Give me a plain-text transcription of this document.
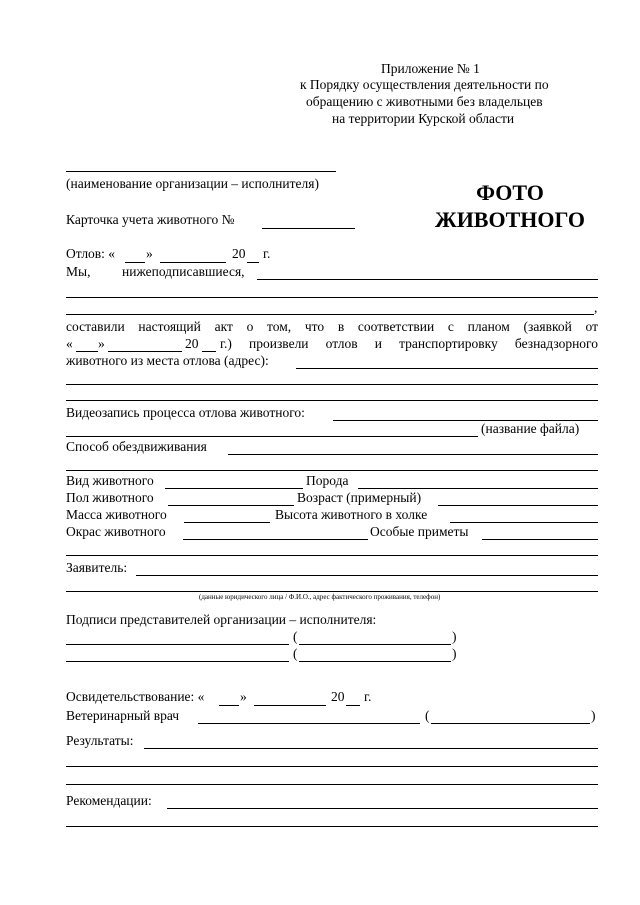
Приложение № 1
к Порядку осуществления деятельности по
обращению с животными без владельцев
на территории Курской области
(наименование организации – исполнителя)	ФОТО
ЖИВОТНОГО
Карточка учета животного №
Отлов: « »	20 г.
Мы, нижеподписавшиеся,
,
составили настоящий акт о том, что в соответствии с планом (заявкой от
« »	20 г.) произвели отлов и транспортировку безнадзорного
животного из места отлова (адрес):
Видеозапись процесса отлова животного:
(название файла)
Способ обездвиживания
Вид животного	Порода
Пол животного	Возраст (примерный)
Масса животного	Высота животного в холке
Окрас животного	Особые приметы
Заявитель:
(данные юридического лица / Ф.И.О., адрес фактического проживания, телефон)
Подписи представителей организации – исполнителя:
(	)
(	)
Освидетельствование: «	»	20 г.
Ветеринарный врач	(	)
Результаты:
Рекомендации:
